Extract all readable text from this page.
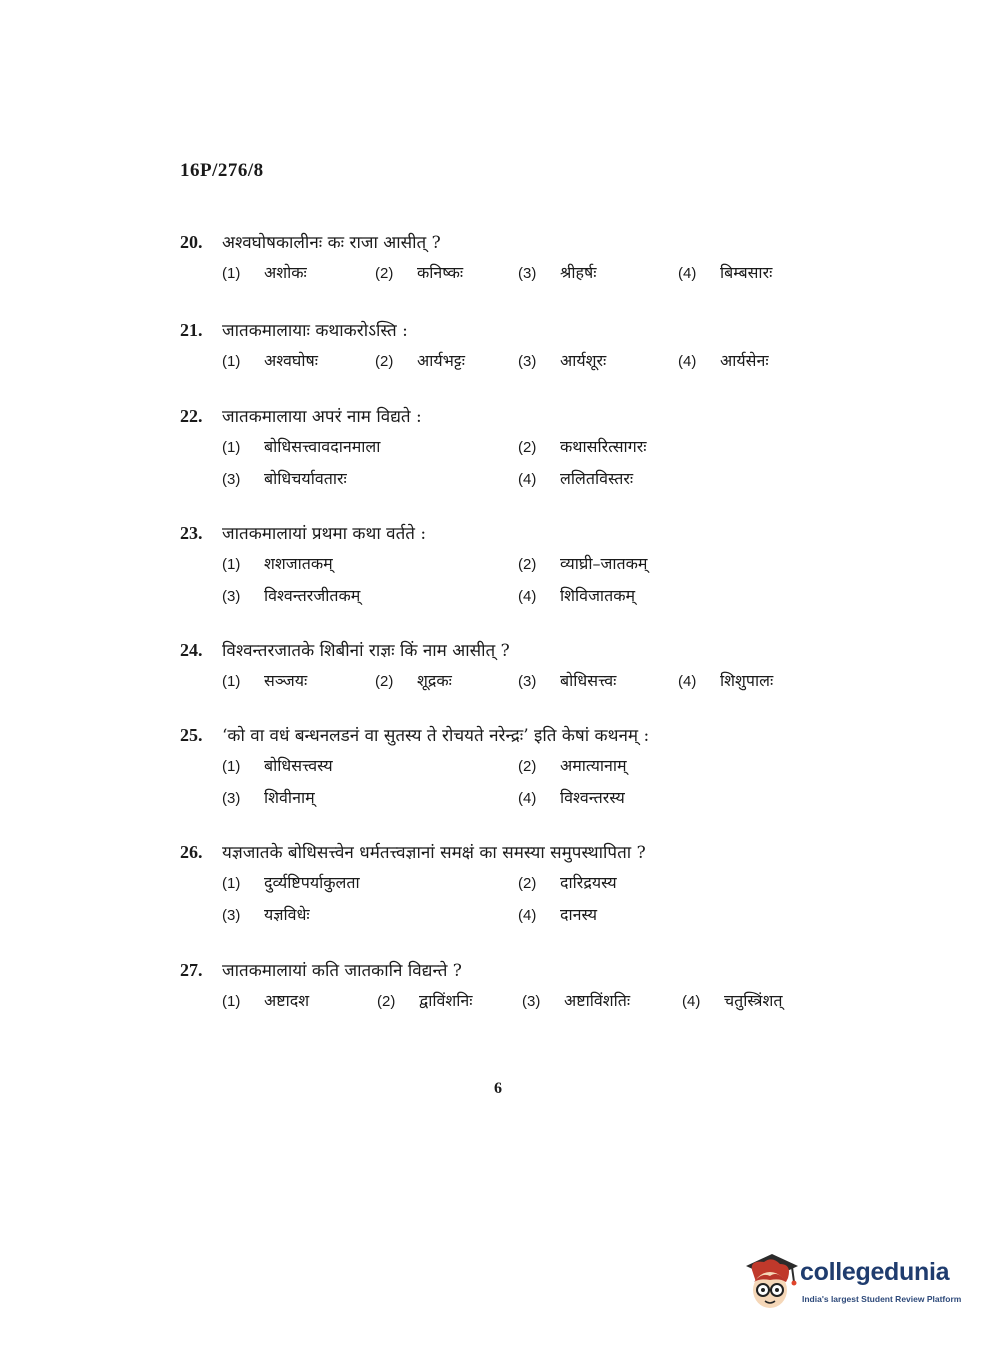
16P/276/8
20.	अश्वघोषकालीनः कः राजा आसीत् ?
(1) अशोकः	(2) कनिष्कः	(3) श्रीहर्षः	(4) बिम्बसारः
21.	जातकमालायाः कथाकरोऽस्ति :
(1) अश्वघोषः	(2) आर्यभट्टः	(3) आर्यशूरः	(4) आर्यसेनः
22.	जातकमालाया अपरं नाम विद्यते :
(1) बोधिसत्त्वावदानमाला	(2) कथासरित्सागरः
(3) बोधिचर्यावतारः	(4) ललितविस्तरः
23.	जातकमालायां प्रथमा कथा वर्तते :
(1) शशजातकम्	(2) व्याघ्री–जातकम्
(3) विश्वन्तरजीतकम्	(4) शिविजातकम्
24.	विश्वन्तरजातके शिबीनां राज्ञः किं नाम आसीत् ?
(1) सञ्जयः	(2) शूद्रकः	(3) बोधिसत्त्वः	(4) शिशुपालः
25.	‘को वा वधं बन्धनलडनं वा सुतस्य ते रोचयते नरेन्द्रः’ इति केषां कथनम् :
(1) बोधिसत्त्वस्य	(2) अमात्यानाम्
(3) शिवीनाम्	(4) विश्वन्तरस्य
26.	यज्ञजातके बोधिसत्त्वेन धर्मतत्त्वज्ञानां समक्षं का समस्या समुपस्थापिता ?
(1) दुर्व्यष्टिपर्याकुलता	(2) दारिद्रयस्य
(3) यज्ञविधेः	(4) दानस्य
27.	जातकमालायां कति जातकानि विद्यन्ते ?
(1) अष्टादश	(2) द्वाविंशनिः	(3) अष्टाविंशतिः	(4) चतुस्त्रिंशत्
6
collegedunia
India's largest Student Review Platform
